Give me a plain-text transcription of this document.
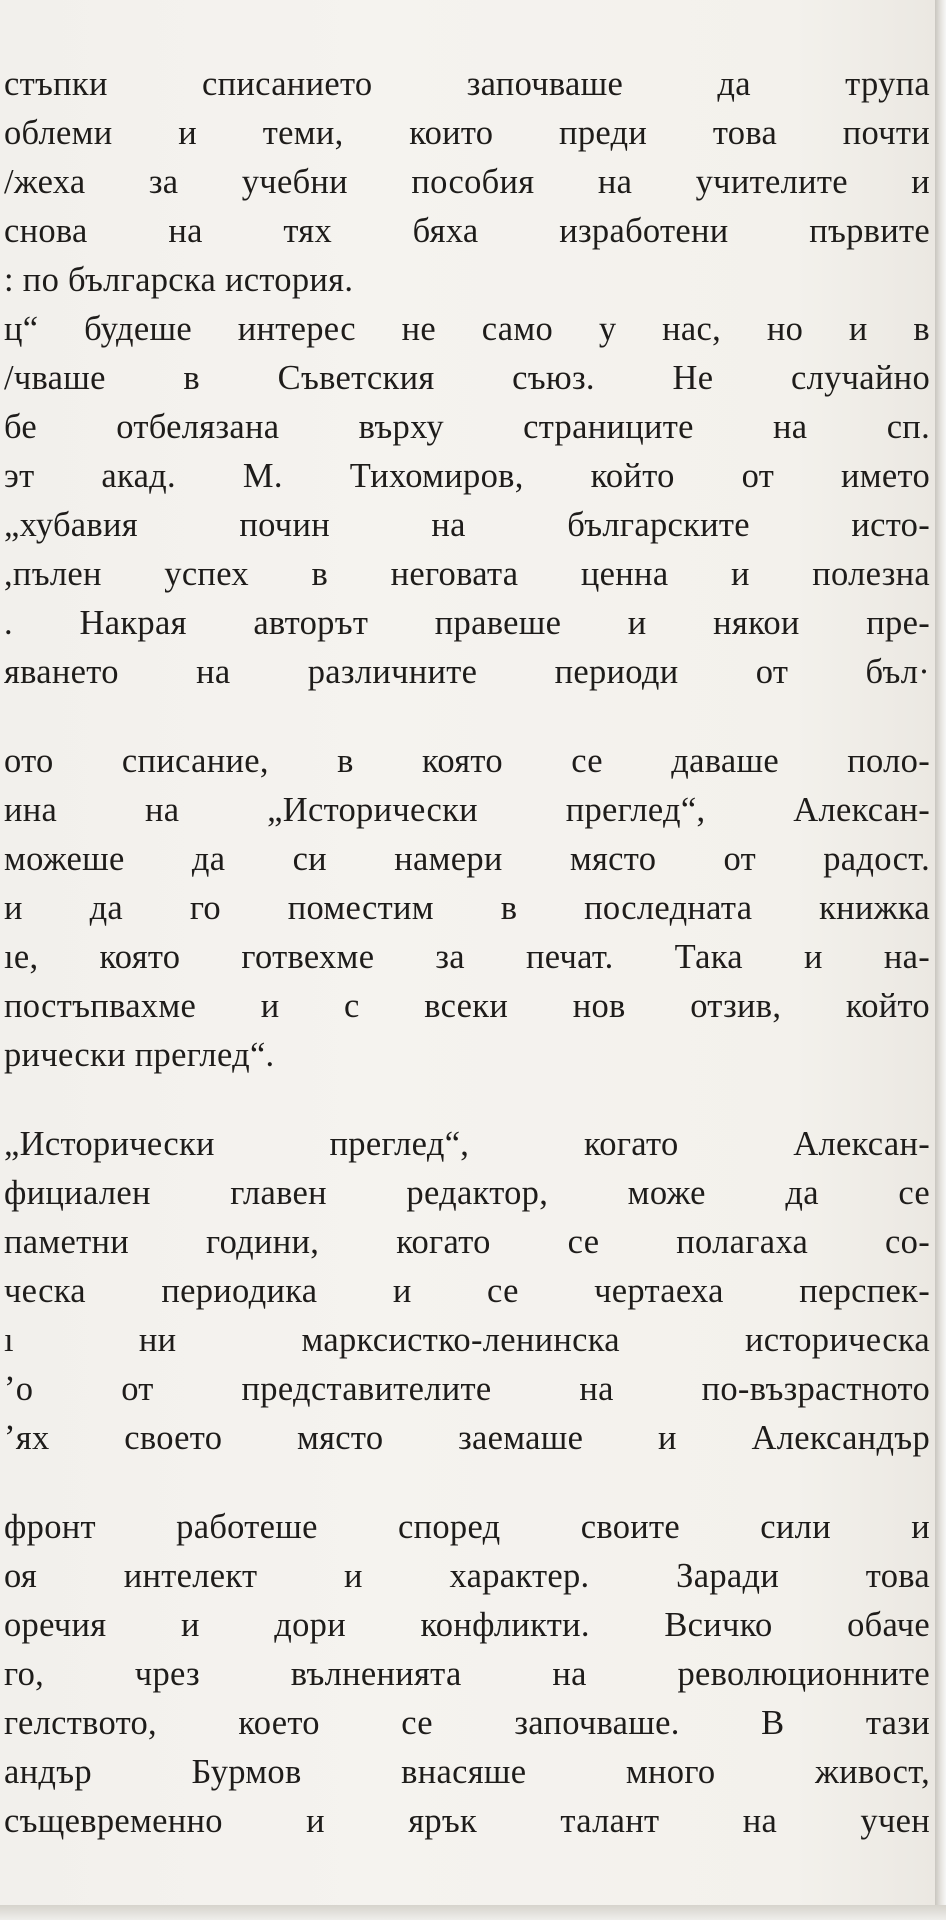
стъпки списанието започваше да трупа
облеми и теми, които преди това почти
/жеха за учебни пособия на учителите и
снова на тях бяха изработени първите
: по българска история.
ц“ будеше интерес не само у нас, но и в
/чваше в Съветския съюз. Не случайно
бе отбелязана върху страниците на сп.
эт акад. М. Тихомиров, който от името
„хубавия почин на българските исто-
,пълен успех в неговата ценна и полезна
. Накрая авторът правеше и някои пре-
яването на различните периоди от бъл·
ото списание, в която се даваше поло-
ина на „Исторически преглед“, Алексан-
можеше да си намери място от радост.
и да го поместим в последната книжка
ıе, която готвехме за печат. Така и на-
постъпвахме и с всеки нов отзив, който
рически преглед“.
„Исторически преглед“, когато Алексан-
фициален главен редактор, може да се
паметни години, когато се полагаха со-
ческа периодика и се чертаеха перспек-
ı ни марксистко-ленинска историческа
ʼо от представителите на по-възрастното
ʼях своето място заемаше и Александър
фронт работеше според своите сили и
оя интелект и характер. Заради това
оречия и дори конфликти. Всичко обаче
го, чрез вълненията на революционните
гелството, което се започваше. В тази
андър Бурмов внасяше много живост,
същевременно и ярък талант на учен
